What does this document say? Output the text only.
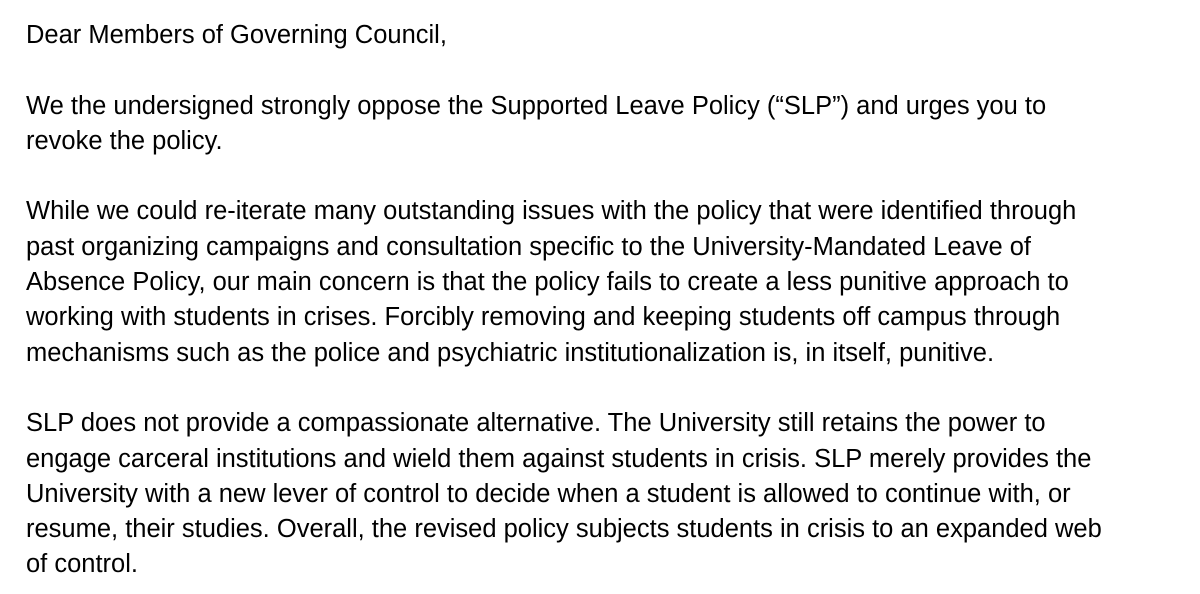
Dear Members of Governing Council,

We the undersigned strongly oppose the Supported Leave Policy (“SLP”) and urges you to
revoke the policy.

While we could re-iterate many outstanding issues with the policy that were identified through
past organizing campaigns and consultation specific to the University-Mandated Leave of
Absence Policy, our main concern is that the policy fails to create a less punitive approach to
working with students in crises. Forcibly removing and keeping students off campus through
mechanisms such as the police and psychiatric institutionalization is, in itself, punitive.

SLP does not provide a compassionate alternative. The University still retains the power to
engage carceral institutions and wield them against students in crisis. SLP merely provides the
University with a new lever of control to decide when a student is allowed to continue with, or
resume, their studies. Overall, the revised policy subjects students in crisis to an expanded web
of control.
